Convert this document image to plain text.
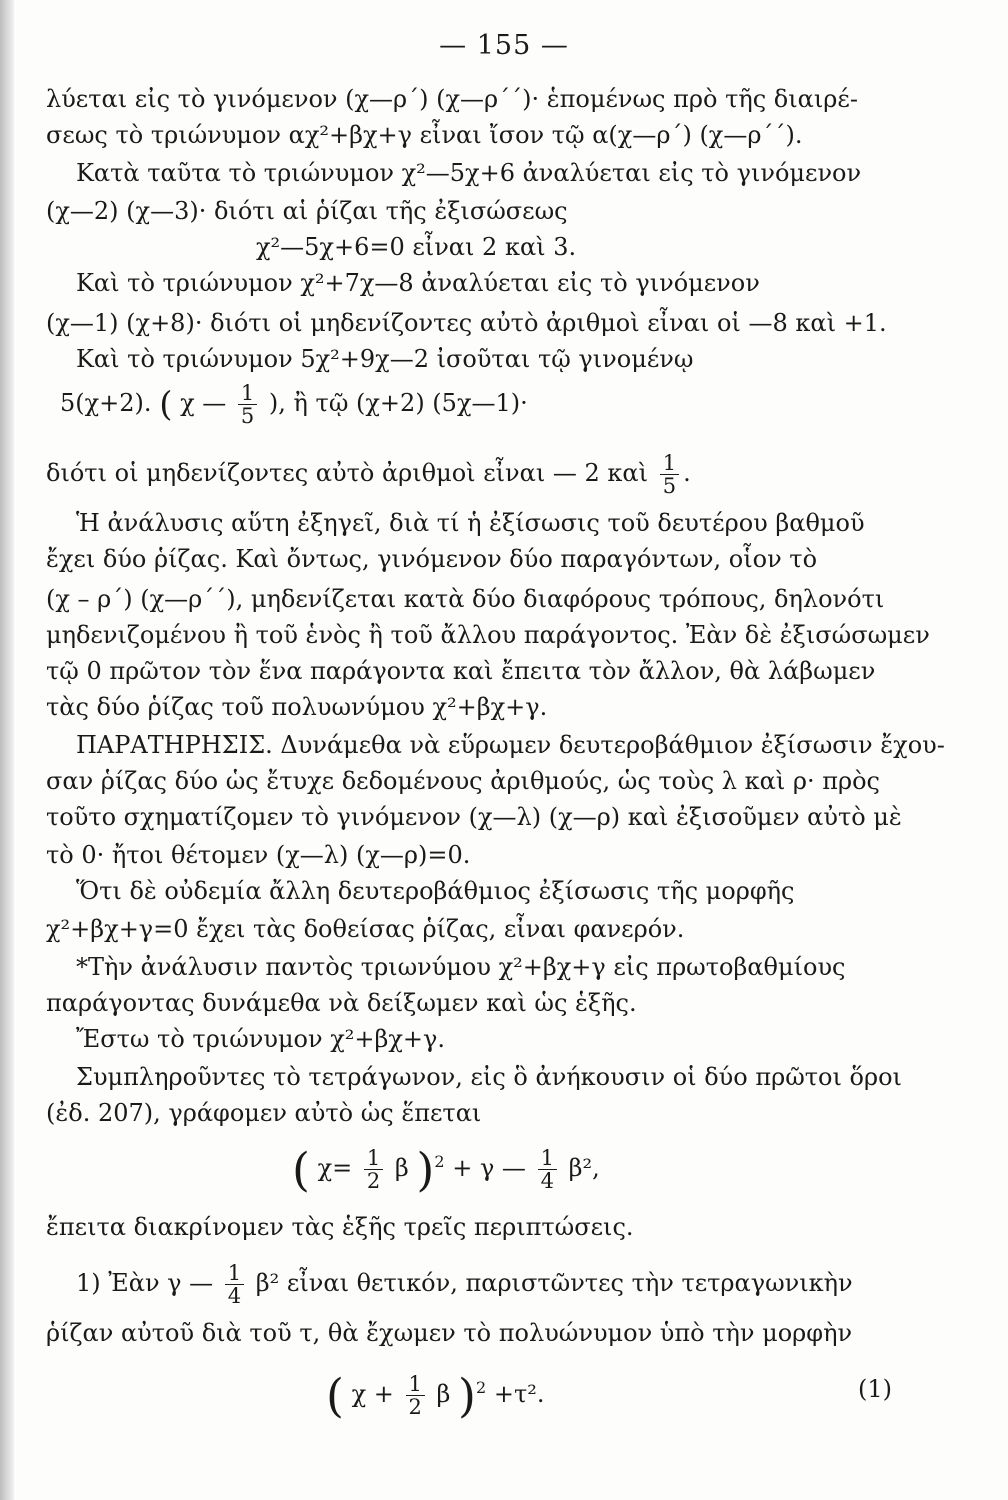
— 155 —
λύεται εἰς τὸ γινόμενον (χ—ρ΄) (χ—ρ΄΄)· ἑπομένως πρὸ τῆς διαιρέ-
σεως τὸ τριώνυμον αχ²+βχ+γ εἶναι ἴσον τῷ α(χ—ρ΄) (χ—ρ΄΄).
Κατὰ ταῦτα τὸ τριώνυμον χ²—5χ+6 ἀναλύεται εἰς τὸ γινόμενον
(χ—2) (χ—3)· διότι αἱ ῥίζαι τῆς ἐξισώσεως
χ²—5χ+6=0 εἶναι 2 καὶ 3.
Καὶ τὸ τριώνυμον χ²+7χ—8 ἀναλύεται εἰς τὸ γινόμενον
(χ—1) (χ+8)· διότι οἱ μηδενίζοντες αὐτὸ ἀριθμοὶ εἶναι οἱ —8 καὶ +1.
Καὶ τὸ τριώνυμον 5χ²+9χ—2 ἰσοῦται τῷ γινομένῳ
5(χ+2). ( χ — $\frac{1}{5}$ ), ἢ τῷ (χ+2) (5χ—1)·
διότι οἱ μηδενίζοντες αὐτὸ ἀριθμοὶ εἶναι — 2 καὶ $\frac{1}{5}$ .
Ἡ ἀνάλυσις αὕτη ἐξηγεῖ, διὰ τί ἡ ἐξίσωσις τοῦ δευτέρου βαθμοῦ
ἔχει δύο ῥίζας. Καὶ ὄντως, γινόμενον δύο παραγόντων, οἷον τὸ
(χ – ρ΄) (χ—ρ΄΄), μηδενίζεται κατὰ δύο διαφόρους τρόπους, δηλονότι
μηδενιζομένου ἢ τοῦ ἑνὸς ἢ τοῦ ἄλλου παράγοντος. Ἐὰν δὲ ἐξισώσωμεν
τῷ 0 πρῶτον τὸν ἕνα παράγοντα καὶ ἔπειτα τὸν ἄλλον, θὰ λάβωμεν
τὰς δύο ῥίζας τοῦ πολυωνύμου χ²+βχ+γ.
ΠΑΡΑΤΗΡΗΣΙΣ. Δυνάμεθα νὰ εὕρωμεν δευτεροβάθμιον ἐξίσωσιν ἔχου-
σαν ῥίζας δύο ὡς ἔτυχε δεδομένους ἀριθμούς, ὡς τοὺς λ καὶ ρ· πρὸς
τοῦτο σχηματίζομεν τὸ γινόμενον (χ—λ) (χ—ρ) καὶ ἐξισοῦμεν αὐτὸ μὲ
τὸ 0· ἤτοι θέτομεν (χ—λ) (χ—ρ)=0.
Ὅτι δὲ οὐδεμία ἄλλη δευτεροβάθμιος ἐξίσωσις τῆς μορφῆς
χ²+βχ+γ=0 ἔχει τὰς δοθείσας ῥίζας, εἶναι φανερόν.
*Τὴν ἀνάλυσιν παντὸς τριωνύμου χ²+βχ+γ εἰς πρωτοβαθμίους
παράγοντας δυνάμεθα νὰ δείξωμεν καὶ ὡς ἑξῆς.
Ἔστω τὸ τριώνυμον χ²+βχ+γ.
Συμπληροῦντες τὸ τετράγωνον, εἰς ὃ ἀνήκουσιν οἱ δύο πρῶτοι ὅροι
(ἐδ. 207), γράφομεν αὐτὸ ὡς ἕπεται
( $\chi= \frac{1}{2}$ β )$^2$ + γ — $\frac{1}{4} \beta^2$,
ἔπειτα διακρίνομεν τὰς ἑξῆς τρεῖς περιπτώσεις.
1) Ἐὰν γ — $\frac{1}{4} \beta^2$ εἶναι θετικόν, παριστῶντες τὴν τετραγωνικὴν
ῥίζαν αὐτοῦ διὰ τοῦ τ, θὰ ἔχωμεν τὸ πολυώνυμον ὑπὸ τὴν μορφὴν
( $\chi + \frac{1}{2}$ β )$^2$ +τ².	(1)
